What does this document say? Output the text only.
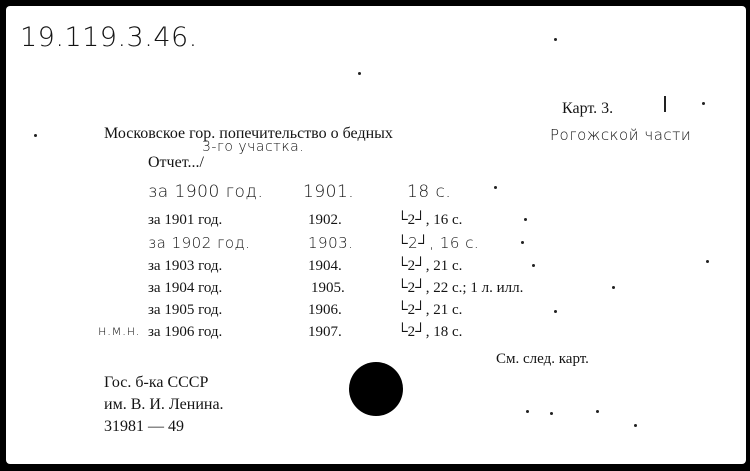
19.119.3.46.
Карт. 3.
Московское гор. попечительство о бедных	Рогожской части
3-го участка.
Отчет.../
за 1900 год. 1901.	18 с.
за 1901 год.	1902.	└2┘, 16 с.
за 1902 год.	1903.	└2┘, 16 с.
за 1903 год.	1904.	└2┘, 21 с.
за 1904 год.	1905.	└2┘, 22 с.; 1 л. илл.
за 1905 год.	1906.	└2┘, 21 с.
н.м.н. за 1906 год.	1907.	└2┘, 18 с.
См. след. карт.
Гос. б-ка СССР
им. В. И. Ленина.
31981 — 49
